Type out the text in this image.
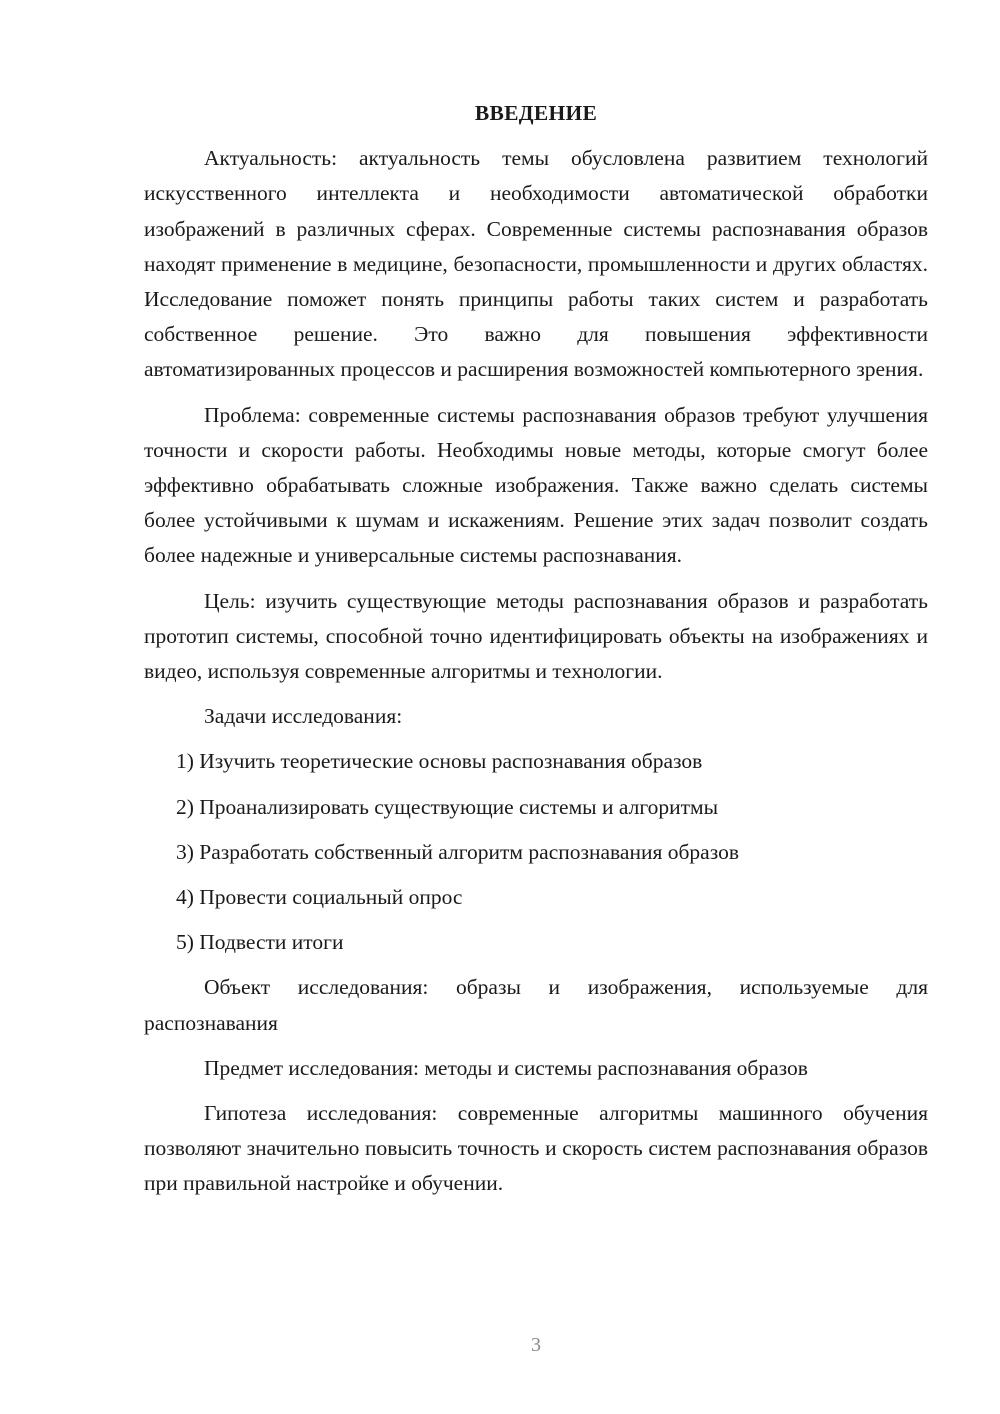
ВВЕДЕНИЕ

Актуальность: актуальность темы обусловлена развитием технологий искусственного интеллекта и необходимости автоматической обработки изображений в различных сферах. Современные системы распознавания образов находят применение в медицине, безопасности, промышленности и других областях. Исследование поможет понять принципы работы таких систем и разработать собственное решение. Это важно для повышения эффективности автоматизированных процессов и расширения возможностей компьютерного зрения.

Проблема: современные системы распознавания образов требуют улучшения точности и скорости работы. Необходимы новые методы, которые смогут более эффективно обрабатывать сложные изображения. Также важно сделать системы более устойчивыми к шумам и искажениям. Решение этих задач позволит создать более надежные и универсальные системы распознавания.

Цель: изучить существующие методы распознавания образов и разработать прототип системы, способной точно идентифицировать объекты на изображениях и видео, используя современные алгоритмы и технологии.

Задачи исследования:

1) Изучить теоретические основы распознавания образов
2) Проанализировать существующие системы и алгоритмы
3) Разработать собственный алгоритм распознавания образов
4) Провести социальный опрос
5) Подвести итоги

Объект исследования: образы и изображения, используемые для распознавания

Предмет исследования: методы и системы распознавания образов

Гипотеза исследования: современные алгоритмы машинного обучения позволяют значительно повысить точность и скорость систем распознавания образов при правильной настройке и обучении.

3
